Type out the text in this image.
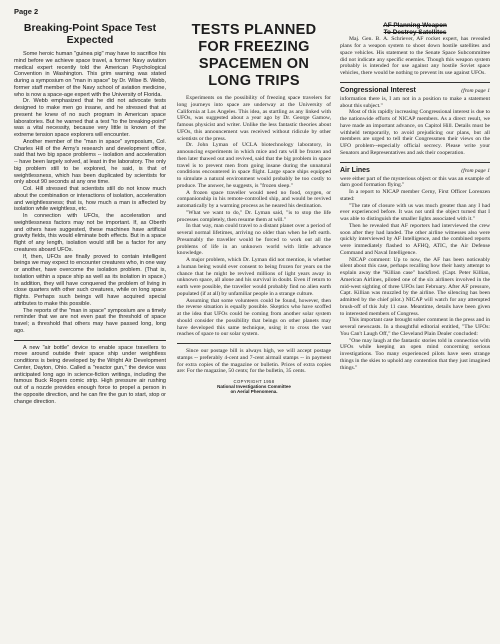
Page 2
Breaking-Point Space Test Expected

Some heroic human "guinea pig" may have to sacrifice his mind before we achieve space travel, a former Navy aviation medical expert recently told the American Psychological Convention in Washington. This grim warning was stated during a symposium on "man in space" by Dr. Wilse B. Webb, former staff member of the Navy school of aviation medicine, who is now a space-age expert with the University of Florida.

Dr. Webb emphasized that he did not advocate tests designed to make men go insane, and he stressed that at present he knew of no such program in American space laboratories. But he warned that a test "to the breaking-point" was a vital necessity, because very little is known of the extreme tension space explorers will encounter.

Another member of the "man in space" symposium, Col. Charles Hill of the Army's research and development office, said that two big space problems -- isolation and acceleration -- have been largely solved, at least in the laboratory. The only big problem still to be explored, he said, is that of weightlessness, which has been duplicated by scientists for only about 90 seconds at any one time.

Col. Hill stressed that scientists still do not know much about the combination or interactions of isolation, acceleration and weightlessness; that is, how much a man is affected by isolation while weightless, etc.

In connection with UFOs, the acceleration and weightlessness factors may not be important. If, as Oberth and others have suggested, these machines have artificial gravity fields, this would eliminate both effects. But in a space flight of any length, isolation would still be a factor for any creatures aboard UFOs.

If, then, UFOs are finally proved to contain intelligent beings we may expect to encounter creatures who, in one way or another, have overcome the isolation problem. (That is, isolation within a space ship as well as its isolation in space.) In addition, they will have conquered the problem of living in close quarters with other such creatures, while on long space flights. Perhaps such beings will have acquired special attributes to make this possible.

The reports of the "man in space" symposium are a timely reminder that we are not even past the threshold of space travel; a threshold that others may have passed long, long ago.

A new "air bottle" device to enable space travellers to move around outside their space ship under weightless conditions is being developed by the Wright Air Development Center, Dayton, Ohio. Called a "reactor gun," the device was anticipated long ago in science-fiction writings, including the famous Buck Rogers comic strip. High pressure air rushing out of a nozzle provides enough force to propel a person in the opposite direction, and he can fire the gun to start, stop or change direction.

TESTS PLANNED FOR FREEZING SPACEMEN ON LONG TRIPS

Experiments on the possibility of freezing space travelers for long journeys into space are underway at the University of California at Los Angeles. This idea, as startling as any linked with UFOs, was suggested about a year ago by Dr. George Gamow, famous physicist and writer. Unlike the less fantastic theories about UFOs, this announcement was received without ridicule by other scientists or the press.

Dr. John Lyman of UCLA biotechnology laboratory, in announcing experiments in which mice and rats will be frozen and then later thawed out and revived, said that the big problem in space travel is to prevent men from going insane during the unnatural conditions encountered in space flight. Large space ships equipped to simulate a natural environment would probably be too costly to produce. The answer, he suggests, is "frozen sleep."

A frozen space traveller would need no food, oxygen, or companionship in his remote-controlled ship, and would be revived automatically by a warming process as he neared his destination.

"What we want to do," Dr. Lyman said, "is to stop the life processes completely, then resume them at will."

In that way, man could travel to a distant planet over a period of several normal lifetimes, arriving no older than when he left earth. Presumably the traveller would be forced to work out all the problems of life in an unknown world with little advance knowledge.

A major problem, which Dr. Lyman did not mention, is whether a human being would ever consent to being frozen for years on the chance that he might be revived millions of light years away in unknown space, all alone and his survival in doubt. Even if return to earth were possible, the traveller would probably find no alien earth populated (if at all) by unfamiliar people in a strange culture.

Assuming that some volunteers could be found, however, then the reverse situation is equally possible. Skeptics who have scoffed at the idea that UFOs could be coming from another solar system should consider the possibility that beings on other planets may have developed this same technique, using it to cross the vast reaches of space to our solar system.

Since our postage bill is always high, we will accept postage stamps -- preferably 4-cent and 7-cent airmail stamps -- in payment for extra copies of the magazine or bulletin. Prices of extra copies are: For the magazine, 50 cents; for the bulletin, 35 cents.

COPYRIGHT 1958
National Investigations Committee
on Aerial Phenomena.
AF Planning Weapon
To Destroy Satellites

Maj. Gen. B. A. Schriever, AF rocket expert, has revealed plans for a weapon system to shoot down hostile satellites and space vehicles. His statement to the Senate Space Subcommittee did not indicate any specific enemies. Though this weapon system probably is intended for use against any hostile Soviet space vehicles, there would be nothing to prevent its use against UFOs.

Congressional Interest	(from page 1

information there is, I am not in a position to make a statement about this subject."

Most of this rapidly increasing Congressional interest is due to the nationwide efforts of NICAP members. As a direct result, we have made an important advance, on Capitol Hill. Details must be withheld temporarily, to avoid prejudicing our plans, but all members are urged to tell their Congressmen their views on the UFO problem--especially official secrecy. Please write your Senators and Representatives and ask their cooperation.

Air Lines	(from page 1

were either part of the mysterious object or this was an example of darn good formation flying."

In a report to NICAP member Cerny, First Officer Lorenzen stated:

"The rate of closure with us was much greater than any I had ever experienced before. It was not until the object turned that I was able to distinguish the smaller lights associated with it."

Then he revealed that AF reporters had interviewed the crew soon after they had landed. The other airline witnesses also were quickly interviewed by AF Intelligence, and the combined reports were immediately flashed to AFHQ, ATIC, the Air Defense Command and Naval Intelligence.

NICAP comment: Up to now, the AF has been noticeably silent about this case, perhaps recalling how their hasty attempt to explain away the "Killian case" backfired. (Capt. Peter Killian, American Airlines, piloted one of the six airliners involved in the mid-west sighting of three UFOs last February. After AF pressure, Capt. Killian was muzzled by the airline. The silencing has been admitted by the chief pilot.) NICAP will watch for any attempted brush-off of this July 11 case. Meantime, details have been given to interested members of Congress.

This important case brought sober comment in the press and in several newscasts. In a thoughtful editorial entitled, "The UFOs: You Can't Laugh Off," the Cleveland Plain Dealer concluded:

"One may laugh at the fantastic stories told in connection with UFOs while keeping an open mind concerning serious investigations. Too many experienced pilots have seen strange things in the skies to uphold any contention that they just imagined things."
